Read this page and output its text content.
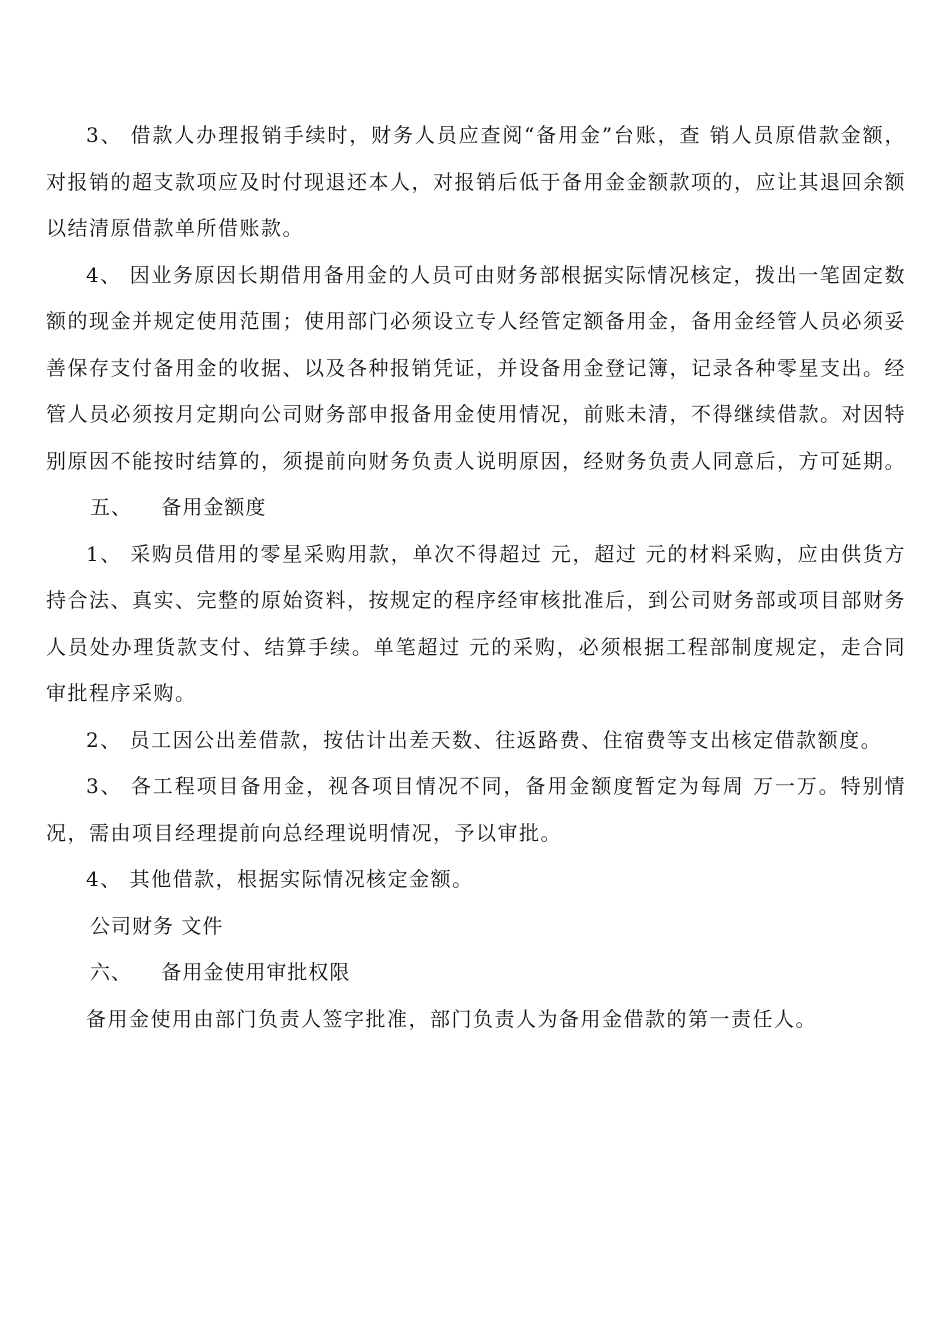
3、 借款人办理报销手续时，财务人员应查阅“备用金”台账，查 销人员原借款金额，对报销的超支款项应及时付现退还本人，对报销后低于备用金金额款项的，应让其退回余额以结清原借款单所借账款。

4、 因业务原因长期借用备用金的人员可由财务部根据实际情况核定，拨出一笔固定数额的现金并规定使用范围；使用部门必须设立专人经管定额备用金，备用金经管人员必须妥善保存支付备用金的收据、以及各种报销凭证，并设备用金登记簿，记录各种零星支出。经管人员必须按月定期向公司财务部申报备用金使用情况，前账未清，不得继续借款。对因特别原因不能按时结算的，须提前向财务负责人说明原因，经财务负责人同意后，方可延期。

五、    备用金额度

1、 采购员借用的零星采购用款，单次不得超过 元，超过 元的材料采购，应由供货方持合法、真实、完整的原始资料，按规定的程序经审核批准后，到公司财务部或项目部财务人员处办理货款支付、结算手续。单笔超过 元的采购，必须根据工程部制度规定，走合同审批程序采购。

2、 员工因公出差借款，按估计出差天数、往返路费、住宿费等支出核定借款额度。

3、 各工程项目备用金，视各项目情况不同，备用金额度暂定为每周 万一万。特别情况，需由项目经理提前向总经理说明情况，予以审批。

4、 其他借款，根据实际情况核定金额。

公司财务 文件

六、    备用金使用审批权限

备用金使用由部门负责人签字批准，部门负责人为备用金借款的第一责任人。
